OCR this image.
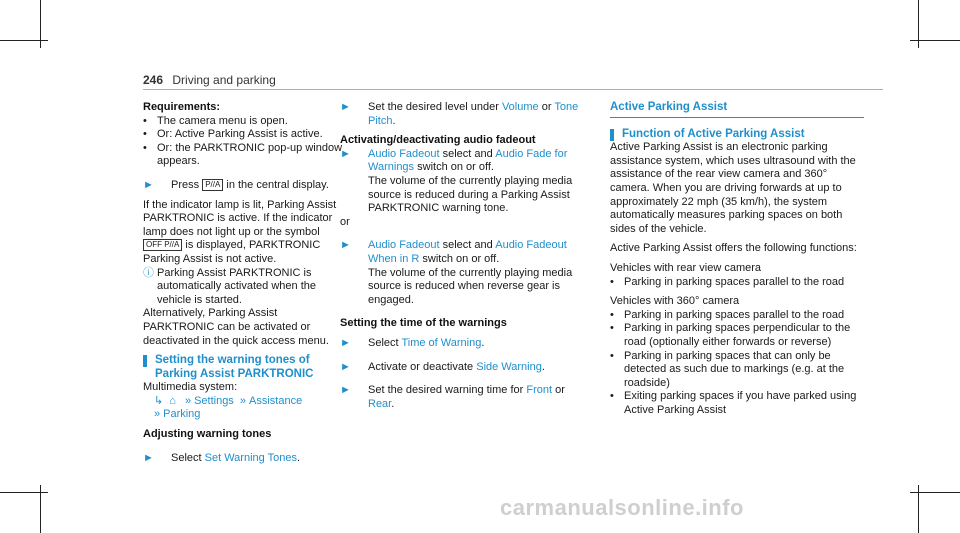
246 Driving and parking
Requirements:
• The camera menu is open.
• Or: Active Parking Assist is active.
• Or: the PARKTRONIC pop-up window appears.
►	Press P//A in the central display.
If the indicator lamp is lit, Parking Assist PARKTRONIC is active. If the indicator lamp does not light up or the symbol OFF P//A is displayed, PARKTRONIC Parking Assist is not active.
ⓘ Parking Assist PARKTRONIC is automatically activated when the vehicle is started.
Alternatively, Parking Assist PARKTRONIC can be activated or deactivated in the quick access menu.
Setting the warning tones of Parking Assist PARKTRONIC
Multimedia system:
↳ ⌂ » Settings » Assistance
» Parking
Adjusting warning tones
►	Select Set Warning Tones.
►	Set the desired level under Volume or Tone Pitch.
Activating/deactivating audio fadeout
►	Audio Fadeout select and Audio Fade for Warnings switch on or off.
The volume of the currently playing media source is reduced during a Parking Assist PARKTRONIC warning tone.
or
►	Audio Fadeout select and Audio Fadeout When in R switch on or off.
The volume of the currently playing media source is reduced when reverse gear is engaged.
Setting the time of the warnings
►	Select Time of Warning.
►	Activate or deactivate Side Warning.
►	Set the desired warning time for Front or Rear.
Active Parking Assist
Function of Active Parking Assist
Active Parking Assist is an electronic parking assistance system, which uses ultrasound with the assistance of the rear view camera and 360° camera. When you are driving forwards at up to approximately 22 mph (35 km/h), the system automatically measures parking spaces on both sides of the vehicle.
Active Parking Assist offers the following functions:
Vehicles with rear view camera
• Parking in parking spaces parallel to the road
Vehicles with 360° camera
• Parking in parking spaces parallel to the road
• Parking in parking spaces perpendicular to the road (optionally either forwards or reverse)
• Parking in parking spaces that can only be detected as such due to markings (e.g. at the roadside)
• Exiting parking spaces if you have parked using Active Parking Assist
carmanualsonline.info
